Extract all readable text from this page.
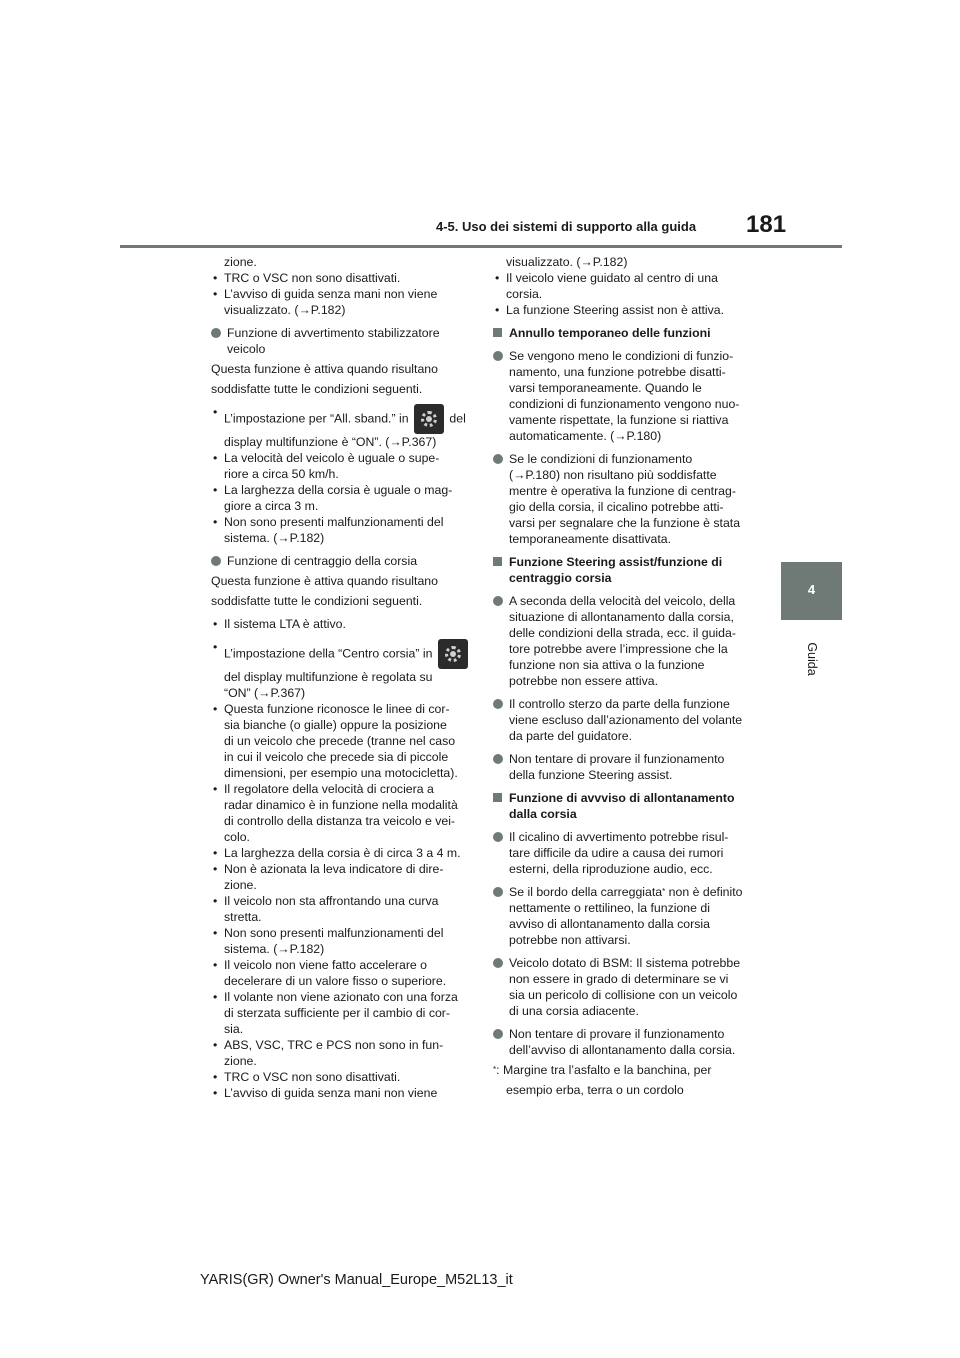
4-5. Uso dei sistemi di supporto alla guida 181
4
Guida
zione.
• TRC o VSC non sono disattivati.
• L’avviso di guida senza mani non viene
visualizzato. (→P.182)
Funzione di avvertimento stabilizzatore veicolo
Questa funzione è attiva quando risultano
soddisfatte tutte le condizioni seguenti.
• L’impostazione per “All. sband.” in	del
display multifunzione è “ON”. (→P.367)
• La velocità del veicolo è uguale o supe-
riore a circa 50 km/h.
• La larghezza della corsia è uguale o mag-
giore a circa 3 m.
• Non sono presenti malfunzionamenti del
sistema. (→P.182)
Funzione di centraggio della corsia
Questa funzione è attiva quando risultano
soddisfatte tutte le condizioni seguenti.
• Il sistema LTA è attivo.
• L’impostazione della “Centro corsia” in
del display multifunzione è regolata su
“ON” (→P.367)
• Questa funzione riconosce le linee di cor-
sia bianche (o gialle) oppure la posizione
di un veicolo che precede (tranne nel caso
in cui il veicolo che precede sia di piccole
dimensioni, per esempio una motocicletta).
• Il regolatore della velocità di crociera a
radar dinamico è in funzione nella modalità
di controllo della distanza tra veicolo e vei-
colo.
• La larghezza della corsia è di circa 3 a 4 m.
• Non è azionata la leva indicatore di dire-
zione.
• Il veicolo non sta affrontando una curva
stretta.
• Non sono presenti malfunzionamenti del
sistema. (→P.182)
• Il veicolo non viene fatto accelerare o
decelerare di un valore fisso o superiore.
• Il volante non viene azionato con una forza
di sterzata sufficiente per il cambio di cor-
sia.
• ABS, VSC, TRC e PCS non sono in fun-
zione.
• TRC o VSC non sono disattivati.
• L’avviso di guida senza mani non viene
visualizzato. (→P.182)
• Il veicolo viene guidato al centro di una
corsia.
• La funzione Steering assist non è attiva.
Annullo temporaneo delle funzioni
Se vengono meno le condizioni di funzio-
namento, una funzione potrebbe disatti-
varsi temporaneamente. Quando le
condizioni di funzionamento vengono nuo-
vamente rispettate, la funzione si riattiva
automaticamente. (→P.180)
Se le condizioni di funzionamento
(→P.180) non risultano più soddisfatte
mentre è operativa la funzione di centrag-
gio della corsia, il cicalino potrebbe atti-
varsi per segnalare che la funzione è stata
temporaneamente disattivata.
Funzione Steering assist/funzione di
centraggio corsia
A seconda della velocità del veicolo, della
situazione di allontanamento dalla corsia,
delle condizioni della strada, ecc. il guida-
tore potrebbe avere l’impressione che la
funzione non sia attiva o la funzione
potrebbe non essere attiva.
Il controllo sterzo da parte della funzione
viene escluso dall’azionamento del volante
da parte del guidatore.
Non tentare di provare il funzionamento
della funzione Steering assist.
Funzione di avvviso di allontanamento
dalla corsia
Il cicalino di avvertimento potrebbe risul-
tare difficile da udire a causa dei rumori
esterni, della riproduzione audio, ecc.
Se il bordo della carreggiata* non è definito
nettamente o rettilineo, la funzione di
avviso di allontanamento dalla corsia
potrebbe non attivarsi.
Veicolo dotato di BSM: Il sistema potrebbe
non essere in grado di determinare se vi
sia un pericolo di collisione con un veicolo
di una corsia adiacente.
Non tentare di provare il funzionamento
dell’avviso di allontanamento dalla corsia.
*: Margine tra l’asfalto e la banchina, per
esempio erba, terra o un cordolo
YARIS(GR) Owner's Manual_Europe_M52L13_it
